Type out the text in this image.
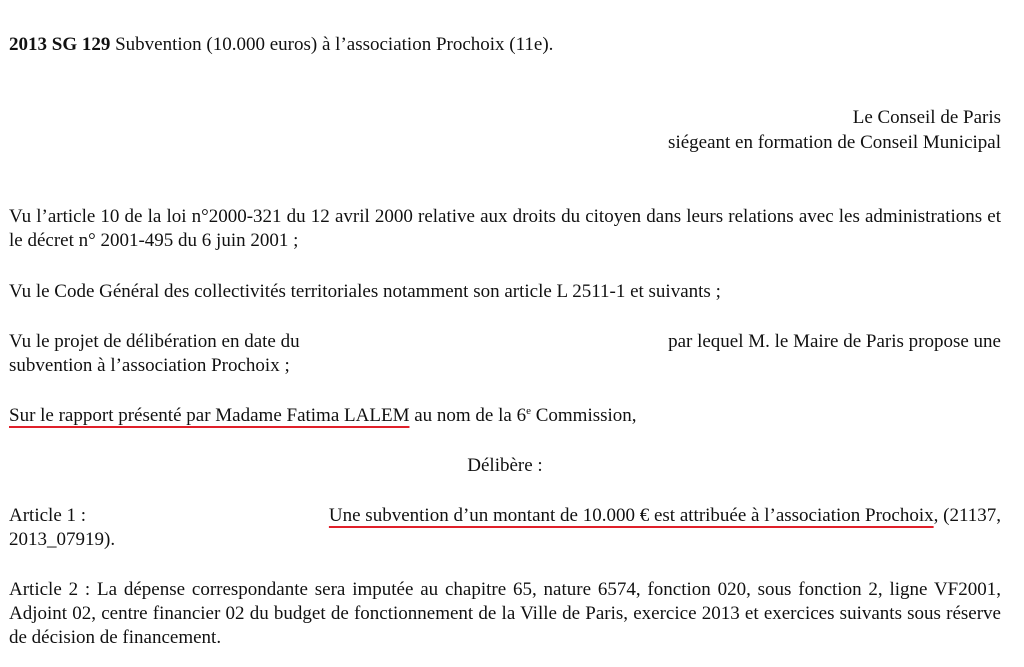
2013 SG 129 Subvention (10.000 euros) à l’association Prochoix (11e).
Le Conseil de Paris
siégeant en formation de Conseil Municipal
Vu l’article 10 de la loi n°2000-321 du 12 avril 2000 relative aux droits du citoyen dans leurs relations avec les administrations et le décret n° 2001-495 du 6 juin 2001 ;
Vu le Code Général des collectivités territoriales notamment son article L 2511-1 et suivants ;
Vu le projet de délibération en date du	par lequel M. le Maire de Paris propose une
subvention à l’association Prochoix ;
Sur le rapport présenté par Madame Fatima LALEM au nom de la 6e Commission,
Délibère :
Article 1 :	Une subvention d’un montant de 10.000 € est attribuée à l’association Prochoix, (21137,
2013_07919).
Article 2 : La dépense correspondante sera imputée au chapitre 65, nature 6574, fonction 020, sous fonction 2, ligne VF2001, Adjoint 02, centre financier 02 du budget de fonctionnement de la Ville de Paris, exercice 2013 et exercices suivants sous réserve de décision de financement.
